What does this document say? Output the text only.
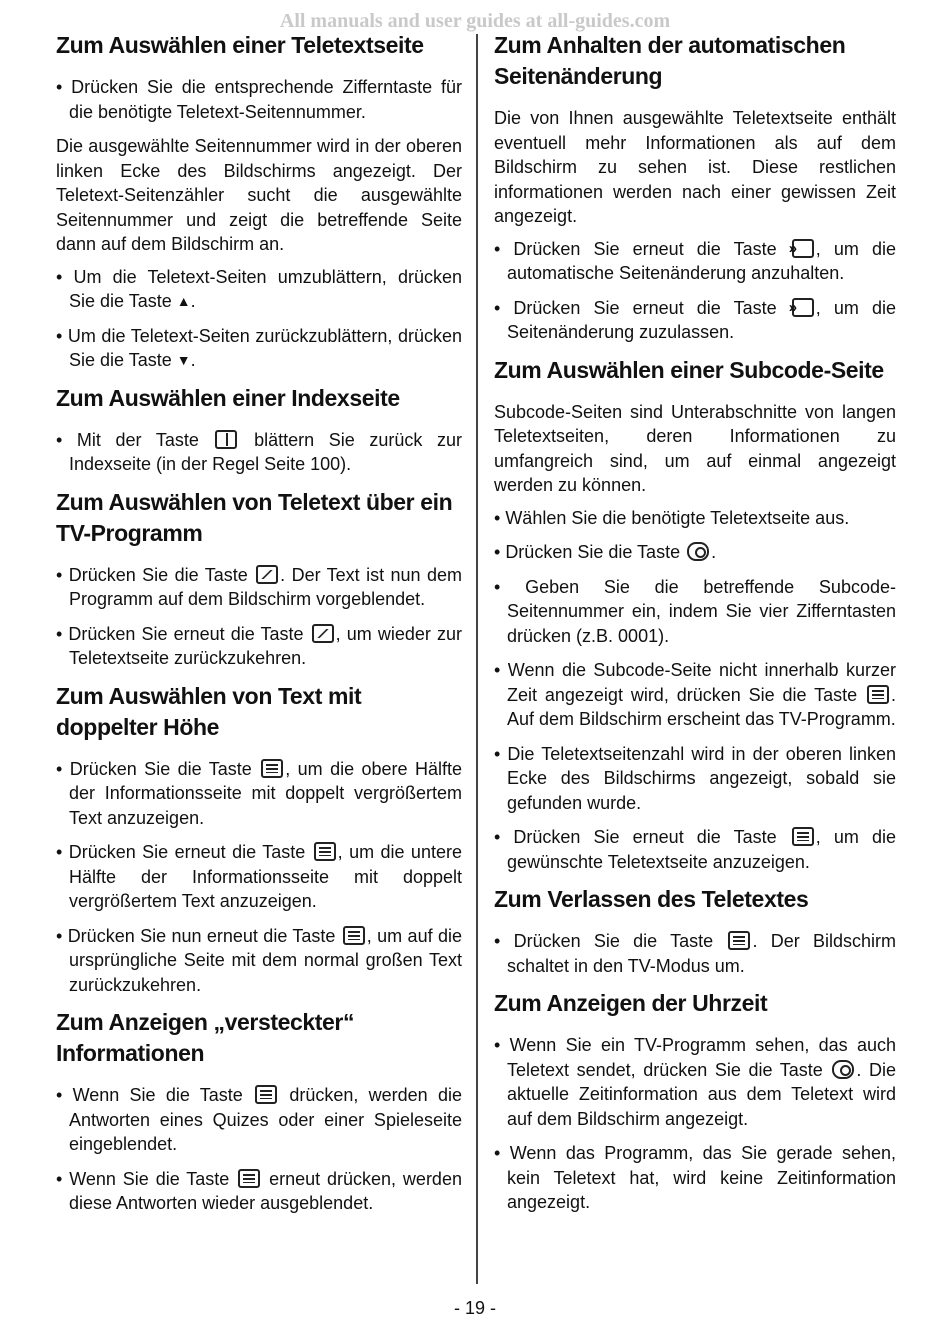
All manuals and user guides at all-guides.com
Zum Auswählen einer Teletextseite
• Drücken Sie die entsprechende Zifferntaste für die benötigte Teletext-Seitennummer.

Die ausgewählte Seitennummer wird in der oberen linken Ecke des Bildschirms angezeigt. Der Teletext-Seitenzähler sucht die ausgewählte Seitennummer und zeigt die betreffende Seite dann auf dem Bildschirm an.

• Um die Teletext-Seiten umzublättern, drücken Sie die Taste ▲.
• Um die Teletext-Seiten zurückzublättern, drücken Sie die Taste ▼.
Zum Auswählen einer Indexseite
• Mit der Taste	blättern Sie zurück zur Indexseite (in der Regel Seite 100).
Zum Auswählen von Teletext über ein TV-Programm
• Drücken Sie die Taste . Der Text ist nun dem Programm auf dem Bildschirm vorgeblendet.
• Drücken Sie erneut die Taste , um wieder zur Teletextseite zurückzukehren.
Zum Auswählen von Text mit doppelter Höhe
• Drücken Sie die Taste , um die obere Hälfte der Informationsseite mit doppelt vergrößertem Text anzuzeigen.
• Drücken Sie erneut die Taste , um die untere Hälfte der Informationsseite mit doppelt vergrößertem Text anzuzeigen.
• Drücken Sie nun erneut die Taste , um auf die ursprüngliche Seite mit dem normal großen Text zurückzukehren.
Zum Anzeigen „versteckter“ Informationen
• Wenn Sie die Taste	drücken, werden die Antworten eines Quizes oder einer Spieleseite eingeblendet.
• Wenn Sie die Taste erneut drücken, werden diese Antworten wieder ausgeblendet.
Zum Anhalten der automatischen Seitenänderung

Die von Ihnen ausgewählte Teletextseite enthält eventuell mehr Informationen als auf dem Bildschirm zu sehen ist. Diese restlichen informationen werden nach einer gewissen Zeit angezeigt.

• Drücken Sie erneut die Taste » , um die automatische Seitenänderung anzuhalten.
• Drücken Sie erneut die Taste » , um die Seitenänderung zuzulassen.
Zum Auswählen einer Subcode-Seite

Subcode-Seiten sind Unterabschnitte von langen Teletextseiten, deren Informationen zu umfangreich sind, um auf einmal angezeigt werden zu können.

• Wählen Sie die benötigte Teletextseite aus.
• Drücken Sie die Taste .
• Geben Sie die betreffende Subcode-Seitennummer ein, indem Sie vier Zifferntasten drücken (z.B. 0001).
• Wenn die Subcode-Seite nicht innerhalb kurzer Zeit angezeigt wird, drücken Sie die Taste . Auf dem Bildschirm erscheint das TV-Programm.
• Die Teletextseitenzahl wird in der oberen linken Ecke des Bildschirms angezeigt, sobald sie gefunden wurde.
• Drücken Sie erneut die Taste , um die gewünschte Teletextseite anzuzeigen.
Zum Verlassen des Teletextes
• Drücken Sie die Taste . Der Bildschirm schaltet in den TV-Modus um.
Zum Anzeigen der Uhrzeit
• Wenn Sie ein TV-Programm sehen, das auch Teletext sendet, drücken Sie die Taste . Die aktuelle Zeitinformation aus dem Teletext wird auf dem Bildschirm angezeigt.
• Wenn das Programm, das Sie gerade sehen, kein Teletext hat, wird keine Zeitinformation angezeigt.
- 19 -
